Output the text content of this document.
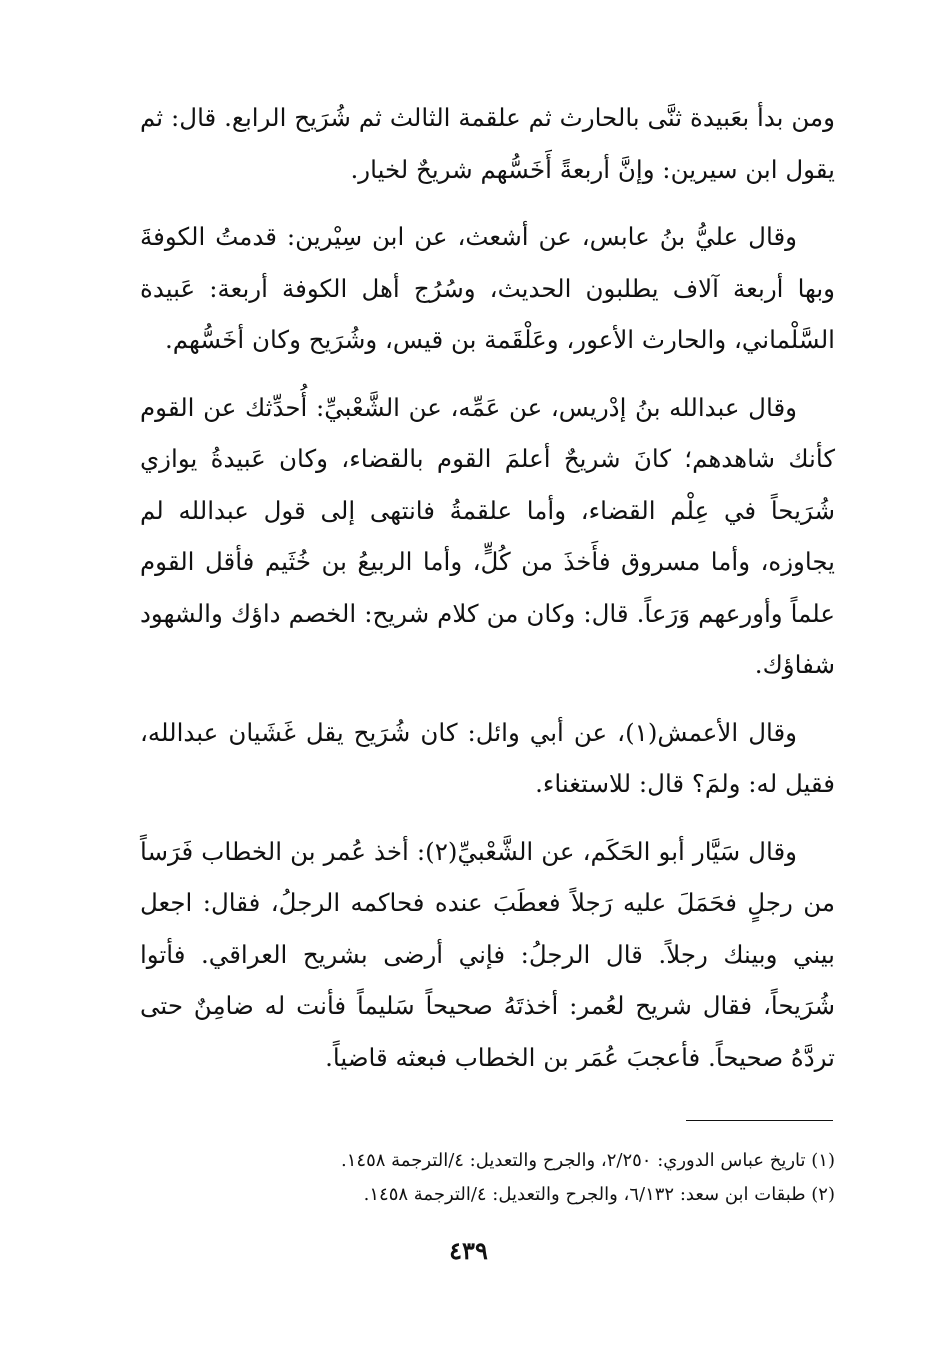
ومن بدأ بعَبيدة ثنَّى بالحارث ثم علقمة الثالث ثم شُرَيح الرابع. قال: ثم يقول ابن سيرين: وإنَّ أربعةً أَخَسُّهم شريحٌ لخيار.

وقال عليُّ بنُ عابس، عن أشعث، عن ابن سِيْرين: قدمتُ الكوفةَ وبها أربعة آلاف يطلبون الحديث، وسُرُج أهل الكوفة أربعة: عَبيدة السَّلْماني، والحارث الأعور، وعَلْقَمة بن قيس، وشُرَيح وكان أخَسُّهم.

وقال عبدالله بنُ إدْريس، عن عَمِّه، عن الشَّعْبيِّ: أُحدِّثك عن القوم كأنك شاهدهم؛ كانَ شريحٌ أعلمَ القوم بالقضاء، وكان عَبيدةُ يوازي شُرَيحاً في عِلْم القضاء، وأما علقمةُ فانتهى إلى قول عبدالله لم يجاوزه، وأما مسروق فأَخذَ من كُلٍّ، وأما الربيعُ بن خُثَيم فأقل القوم علماً وأورعهم وَرَعاً. قال: وكان من كلام شريح: الخصم داؤك والشهود شفاؤك.

وقال الأعمش(١)، عن أبي وائل: كان شُرَيح يقل غَشَيان عبدالله، فقيل له: ولمَ؟ قال: للاستغناء.

وقال سَيَّار أبو الحَكَم، عن الشَّعْبيِّ(٢): أخذ عُمر بن الخطاب فَرَساً من رجلٍ فحَمَلَ عليه رَجلاً فعطَبَ عنده فحاكمه الرجلُ، فقال: اجعل بيني وبينك رجلاً. قال الرجلُ: فإني أرضى بشريح العراقي. فأتوا شُرَيحاً، فقال شريح لعُمر: أخذتَهُ صحيحاً سَليماً فأنت له ضامِنٌ حتى تردَّهُ صحيحاً. فأعجبَ عُمَر بن الخطاب فبعثه قاضياً.

(١) تاريخ عباس الدوري: ٢/٢٥٠، والجرح والتعديل: ٤/الترجمة ١٤٥٨.

(٢) طبقات ابن سعد: ٦/١٣٢، والجرح والتعديل: ٤/الترجمة ١٤٥٨.

٤٣٩
